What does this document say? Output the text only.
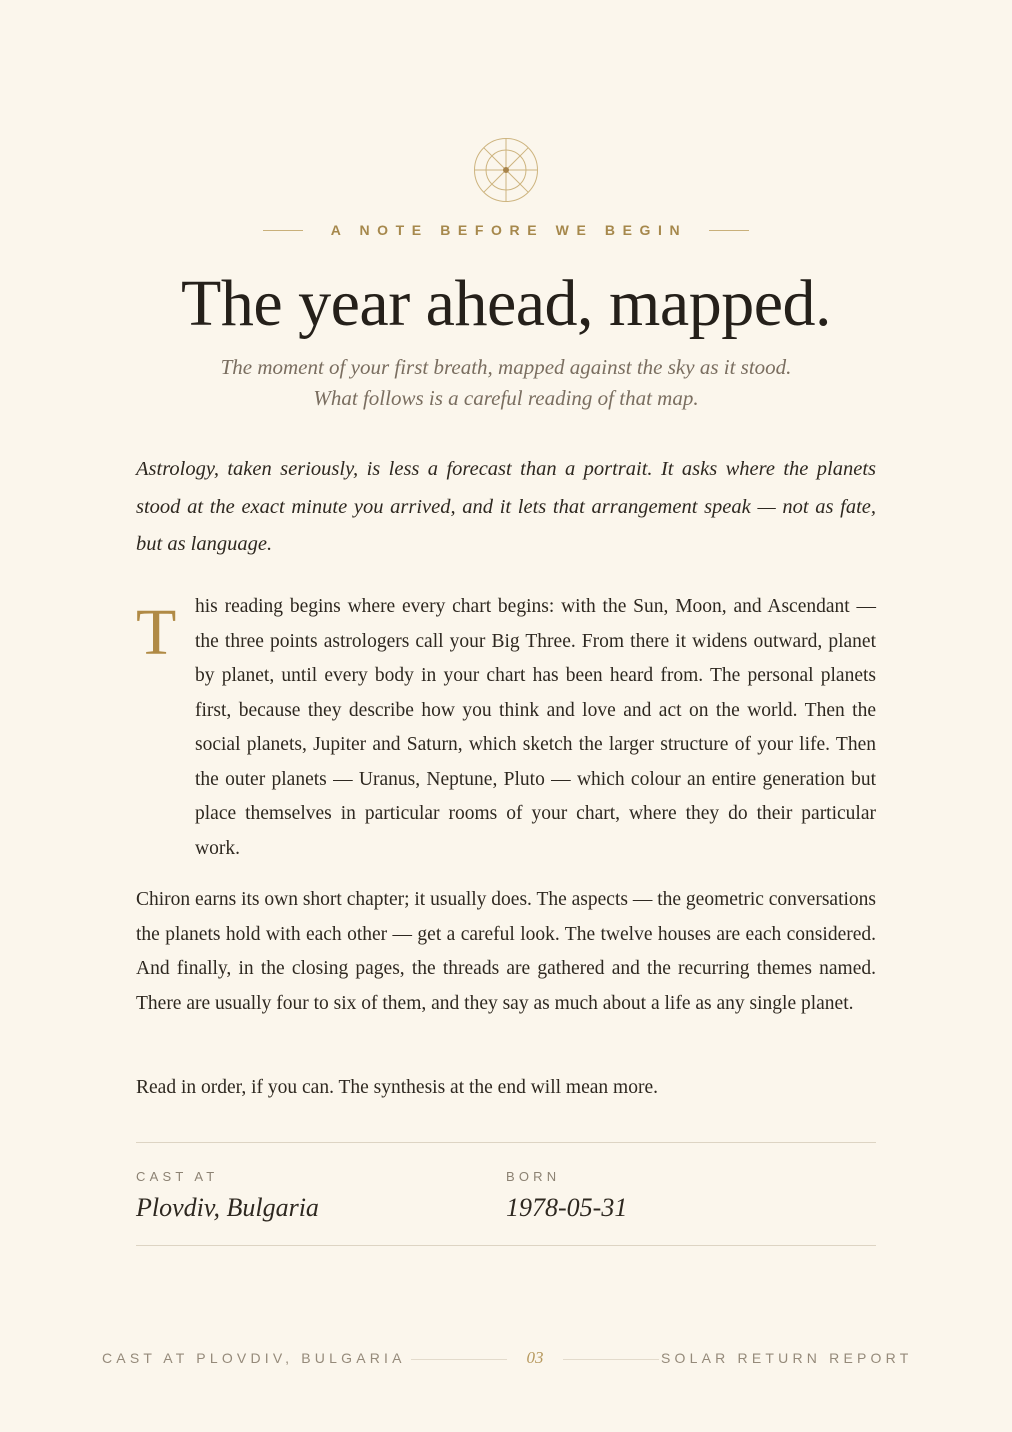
A NOTE BEFORE WE BEGIN
The year ahead, mapped.
The moment of your first breath, mapped against the sky as it stood. What follows is a careful reading of that map.
Astrology, taken seriously, is less a forecast than a portrait. It asks where the planets stood at the exact minute you arrived, and it lets that arrangement speak — not as fate, but as language.
T his reading begins where every chart begins: with the Sun, Moon, and Ascendant — the three points astrologers call your Big Three. From there it widens outward, planet by planet, until every body in your chart has been heard from. The personal planets first, because they describe how you think and love and act on the world. Then the social planets, Jupiter and Saturn, which sketch the larger structure of your life. Then the outer planets — Uranus, Neptune, Pluto — which colour an entire generation but place themselves in particular rooms of your chart, where they do their particular work.
Chiron earns its own short chapter; it usually does. The aspects — the geometric conversations the planets hold with each other — get a careful look. The twelve houses are each considered. And finally, in the closing pages, the threads are gathered and the recurring themes named. There are usually four to six of them, and they say as much about a life as any single planet.
Read in order, if you can. The synthesis at the end will mean more.
CAST AT
Plovdiv, Bulgaria
BORN
1978-05-31
CAST AT PLOVDIV, BULGARIA	03	SOLAR RETURN REPORT
